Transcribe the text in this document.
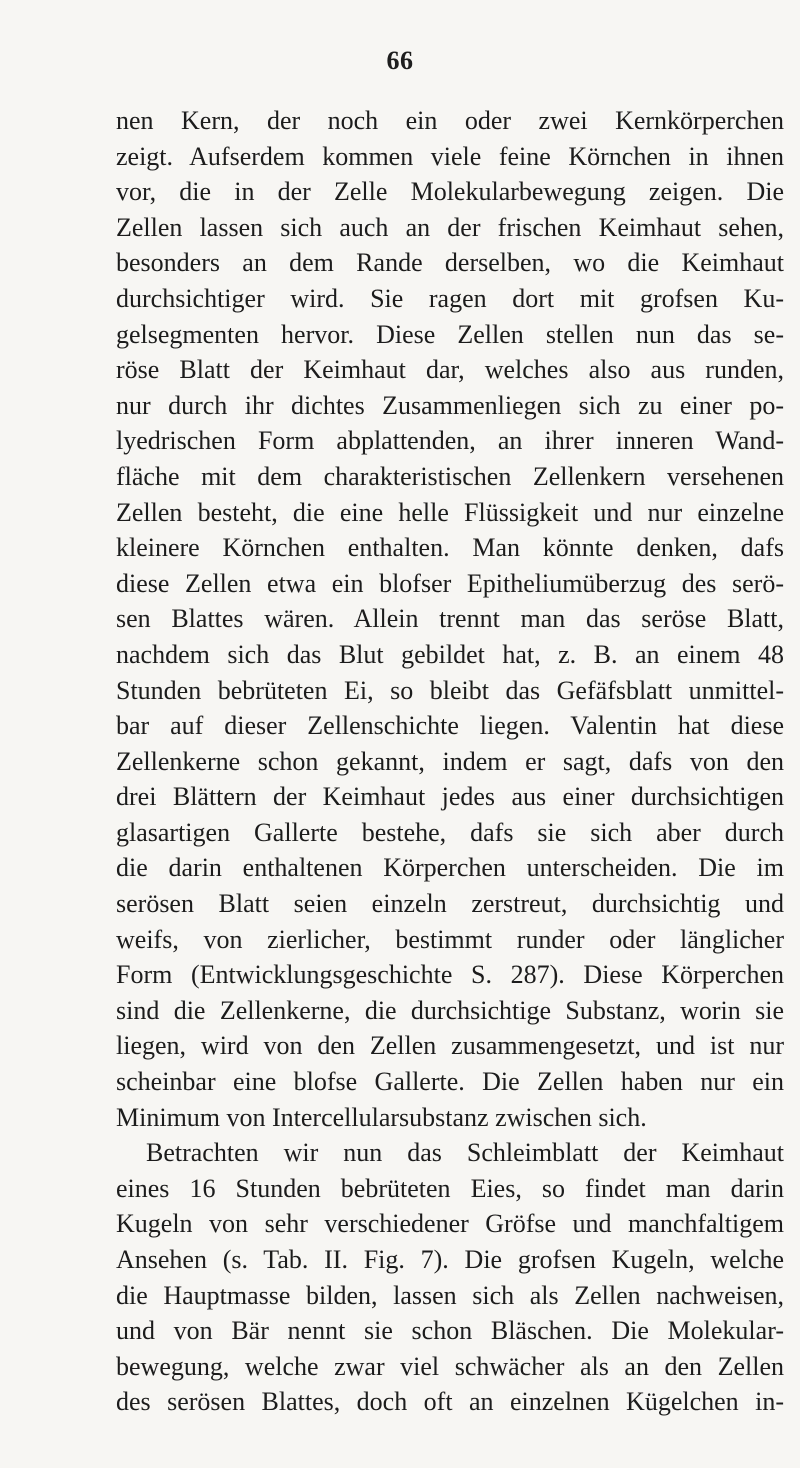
66
nen Kern, der noch ein oder zwei Kernkörperchen
zeigt. Aufserdem kommen viele feine Körnchen in ihnen
vor, die in der Zelle Molekularbewegung zeigen. Die
Zellen lassen sich auch an der frischen Keimhaut sehen,
besonders an dem Rande derselben, wo die Keimhaut
durchsichtiger wird. Sie ragen dort mit grofsen Ku-
gelsegmenten hervor. Diese Zellen stellen nun das se-
röse Blatt der Keimhaut dar, welches also aus runden,
nur durch ihr dichtes Zusammenliegen sich zu einer po-
lyedrischen Form abplattenden, an ihrer inneren Wand-
fläche mit dem charakteristischen Zellenkern versehenen
Zellen besteht, die eine helle Flüssigkeit und nur einzelne
kleinere Körnchen enthalten. Man könnte denken, dafs
diese Zellen etwa ein blofser Epitheliumüberzug des serö-
sen Blattes wären. Allein trennt man das seröse Blatt,
nachdem sich das Blut gebildet hat, z. B. an einem 48
Stunden bebrüteten Ei, so bleibt das Gefäfsblatt unmittel-
bar auf dieser Zellenschichte liegen. Valentin hat diese
Zellenkerne schon gekannt, indem er sagt, dafs von den
drei Blättern der Keimhaut jedes aus einer durchsichtigen
glasartigen Gallerte bestehe, dafs sie sich aber durch
die darin enthaltenen Körperchen unterscheiden. Die im
serösen Blatt seien einzeln zerstreut, durchsichtig und
weifs, von zierlicher, bestimmt runder oder länglicher
Form (Entwicklungsgeschichte S. 287). Diese Körperchen
sind die Zellenkerne, die durchsichtige Substanz, worin sie
liegen, wird von den Zellen zusammengesetzt, und ist nur
scheinbar eine blofse Gallerte. Die Zellen haben nur ein
Minimum von Intercellularsubstanz zwischen sich.
Betrachten wir nun das Schleimblatt der Keimhaut
eines 16 Stunden bebrüteten Eies, so findet man darin
Kugeln von sehr verschiedener Gröfse und manchfaltigem
Ansehen (s. Tab. II. Fig. 7). Die grofsen Kugeln, welche
die Hauptmasse bilden, lassen sich als Zellen nachweisen,
und von Bär nennt sie schon Bläschen. Die Molekular-
bewegung, welche zwar viel schwächer als an den Zellen
des serösen Blattes, doch oft an einzelnen Kügelchen in-
